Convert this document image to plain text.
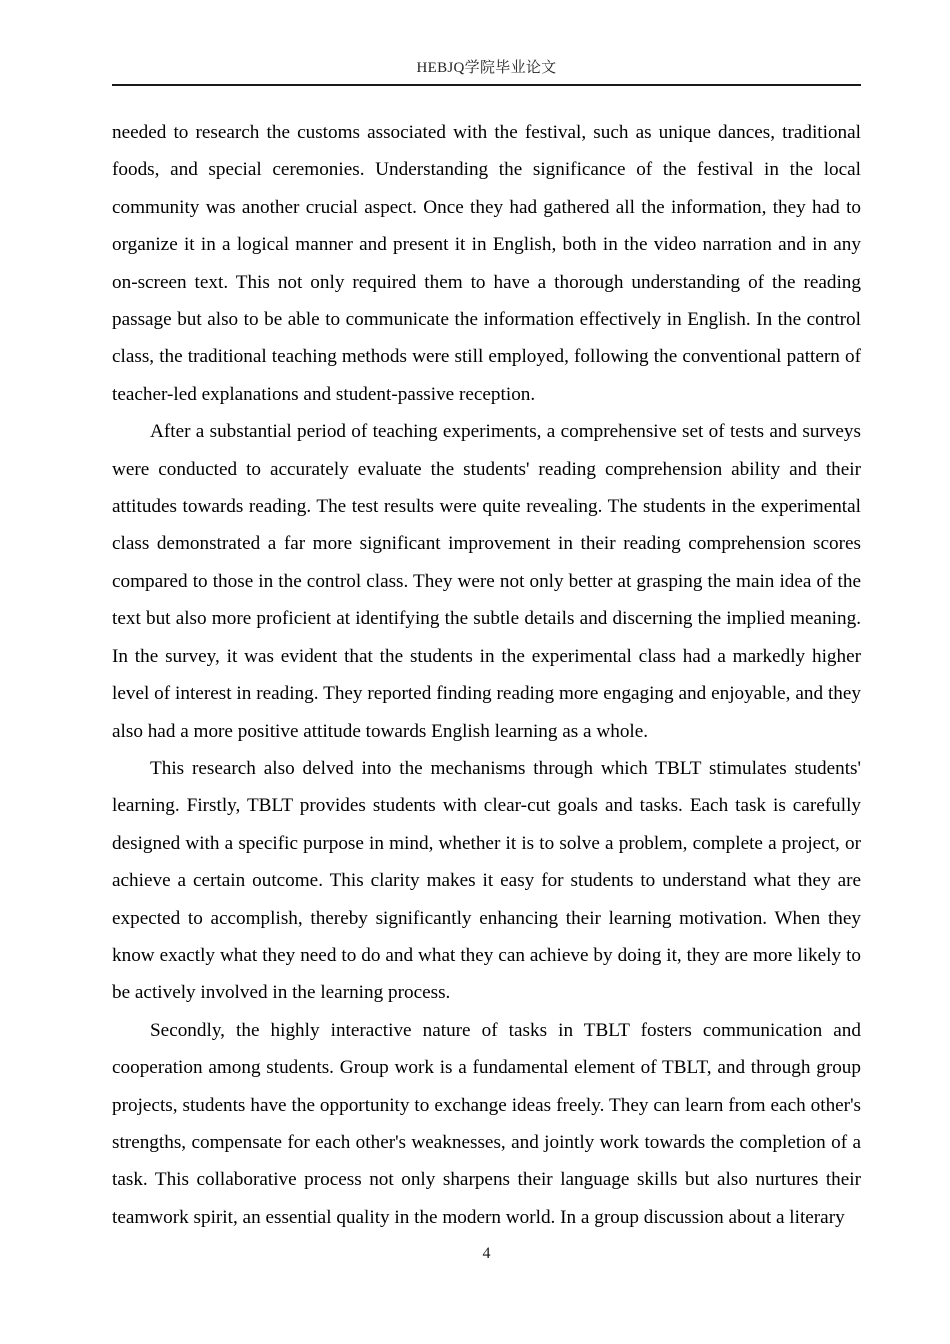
HEBJQ学院毕业论文

needed to research the customs associated with the festival, such as unique dances, traditional foods, and special ceremonies. Understanding the significance of the festival in the local community was another crucial aspect. Once they had gathered all the information, they had to organize it in a logical manner and present it in English, both in the video narration and in any on-screen text. This not only required them to have a thorough understanding of the reading passage but also to be able to communicate the information effectively in English. In the control class, the traditional teaching methods were still employed, following the conventional pattern of teacher-led explanations and student-passive reception.

After a substantial period of teaching experiments, a comprehensive set of tests and surveys were conducted to accurately evaluate the students' reading comprehension ability and their attitudes towards reading. The test results were quite revealing. The students in the experimental class demonstrated a far more significant improvement in their reading comprehension scores compared to those in the control class. They were not only better at grasping the main idea of the text but also more proficient at identifying the subtle details and discerning the implied meaning. In the survey, it was evident that the students in the experimental class had a markedly higher level of interest in reading. They reported finding reading more engaging and enjoyable, and they also had a more positive attitude towards English learning as a whole.

This research also delved into the mechanisms through which TBLT stimulates students' learning. Firstly, TBLT provides students with clear-cut goals and tasks. Each task is carefully designed with a specific purpose in mind, whether it is to solve a problem, complete a project, or achieve a certain outcome. This clarity makes it easy for students to understand what they are expected to accomplish, thereby significantly enhancing their learning motivation. When they know exactly what they need to do and what they can achieve by doing it, they are more likely to be actively involved in the learning process.

Secondly, the highly interactive nature of tasks in TBLT fosters communication and cooperation among students. Group work is a fundamental element of TBLT, and through group projects, students have the opportunity to exchange ideas freely. They can learn from each other's strengths, compensate for each other's weaknesses, and jointly work towards the completion of a task. This collaborative process not only sharpens their language skills but also nurtures their teamwork spirit, an essential quality in the modern world. In a group discussion about a literary

4
